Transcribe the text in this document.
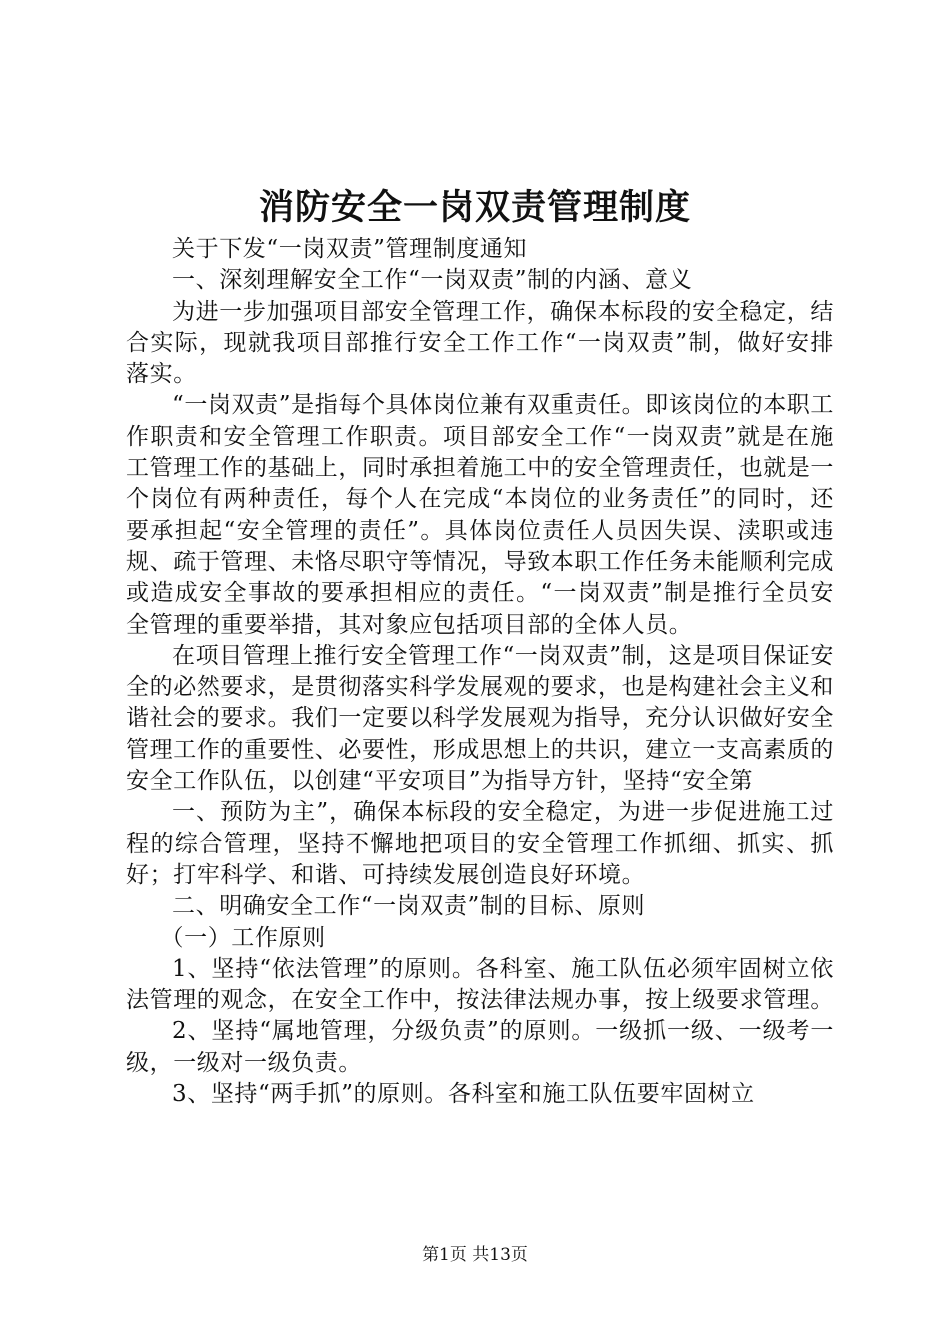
消防安全一岗双责管理制度

关于下发“一岗双责”管理制度通知

一、深刻理解安全工作“一岗双责”制的内涵、意义

为进一步加强项目部安全管理工作，确保本标段的安全稳定，结合实际，现就我项目部推行安全工作工作“一岗双责”制，做好安排落实。

“一岗双责”是指每个具体岗位兼有双重责任。即该岗位的本职工作职责和安全管理工作职责。项目部安全工作“一岗双责”就是在施工管理工作的基础上，同时承担着施工中的安全管理责任，也就是一个岗位有两种责任，每个人在完成“本岗位的业务责任”的同时，还要承担起“安全管理的责任”。具体岗位责任人员因失误、渎职或违规、疏于管理、未恪尽职守等情况，导致本职工作任务未能顺利完成或造成安全事故的要承担相应的责任。“一岗双责”制是推行全员安全管理的重要举措，其对象应包括项目部的全体人员。

在项目管理上推行安全管理工作“一岗双责”制，这是项目保证安全的必然要求，是贯彻落实科学发展观的要求，也是构建社会主义和谐社会的要求。我们一定要以科学发展观为指导，充分认识做好安全管理工作的重要性、必要性，形成思想上的共识，建立一支高素质的安全工作队伍，以创建“平安项目”为指导方针，坚持“安全第

一、预防为主”，确保本标段的安全稳定，为进一步促进施工过程的综合管理，坚持不懈地把项目的安全管理工作抓细、抓实、抓好；打牢科学、和谐、可持续发展创造良好环境。

二、明确安全工作“一岗双责”制的目标、原则

（一）工作原则

1、坚持“依法管理”的原则。各科室、施工队伍必须牢固树立依法管理的观念，在安全工作中，按法律法规办事，按上级要求管理。

2、坚持“属地管理，分级负责”的原则。一级抓一级、一级考一级，一级对一级负责。

3、坚持“两手抓”的原则。各科室和施工队伍要牢固树立

第1页 共13页
